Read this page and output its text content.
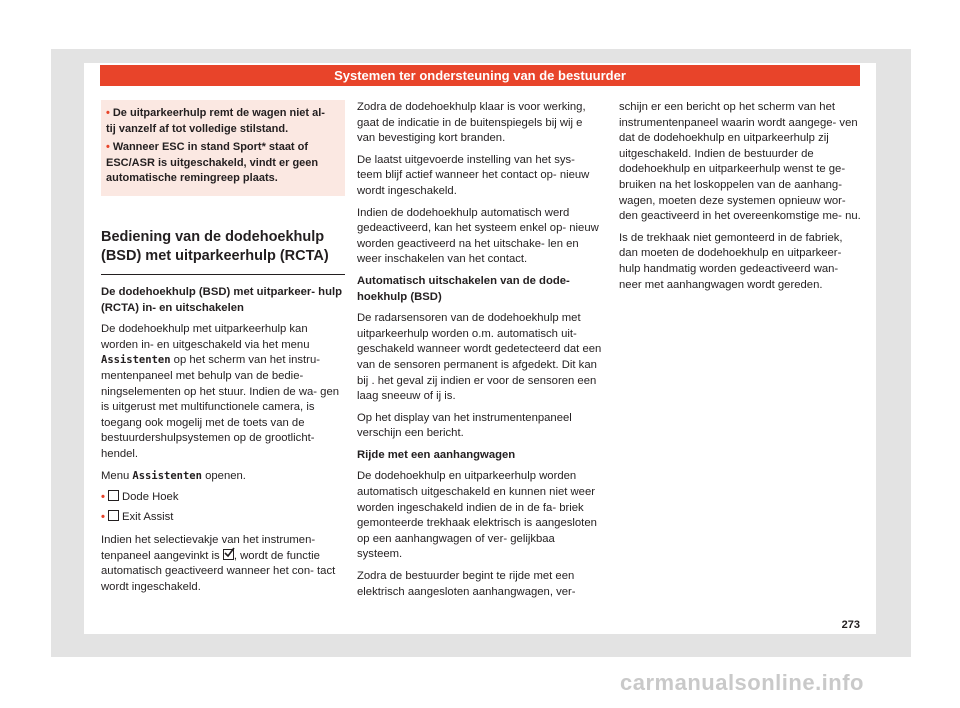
Systemen ter ondersteuning van de bestuurder
• De uitparkeerhulp remt de wagen niet al- tij vanzelf af tot volledige stilstand.
• Wanneer ESC in stand Sport* staat of ESC/ASR is uitgeschakeld, vindt er geen automatische remingreep plaats.
Bediening van de dodehoekhulp (BSD) met uitparkeerhulp (RCTA)

De dodehoekhulp (BSD) met uitparkeer- hulp (RCTA) in- en uitschakelen

De dodehoekhulp met uitparkeerhulp kan worden in- en uitgeschakeld via het menu Assistenten op het scherm van het instru- mentenpaneel met behulp van de bedie- ningselementen op het stuur. Indien de wa- gen is uitgerust met multifunctionele camera, is toegang ook mogelij met de toets van de bestuurdershulpsystemen op de grootlicht- hendel.

Menu Assistenten openen.

• Dode Hoek
• Exit Assist

Indien het selectievakje van het instrumen- tenpaneel aangevinkt is
, wordt de functie automatisch geactiveerd wanneer het con- tact wordt ingeschakeld.

Zodra de dodehoekhulp klaar is voor werking, gaat de indicatie in de buitenspiegels bij wij e van bevestiging kort branden.

De laatst uitgevoerde instelling van het sys- teem blijf actief wanneer het contact op- nieuw wordt ingeschakeld.

Indien de dodehoekhulp automatisch werd gedeactiveerd, kan het systeem enkel op- nieuw worden geactiveerd na het uitschake- len en weer inschakelen van het contact.

Automatisch uitschakelen van de dode- hoekhulp (BSD)

De radarsensoren van de dodehoekhulp met uitparkeerhulp worden o.m. automatisch uit- geschakeld wanneer wordt gedetecteerd dat een van de sensoren permanent is afgedekt. Dit kan bij . het geval zij indien er voor de sensoren een laag sneeuw of ij is.

Op het display van het instrumentenpaneel verschijn een bericht.

Rijde met een aanhangwagen

De dodehoekhulp en uitparkeerhulp worden automatisch uitgeschakeld en kunnen niet weer worden ingeschakeld indien de in de fa- briek gemonteerde trekhaak elektrisch is aangesloten op een aanhangwagen of ver- gelijkbaa systeem.

Zodra de bestuurder begint te rijde met een elektrisch aangesloten aanhangwagen, ver-

schijn er een bericht op het scherm van het instrumentenpaneel waarin wordt aangege- ven dat de dodehoekhulp en uitparkeerhulp zij uitgeschakeld. Indien de bestuurder de dodehoekhulp en uitparkeerhulp wenst te ge- bruiken na het loskoppelen van de aanhang- wagen, moeten deze systemen opnieuw wor- den geactiveerd in het overeenkomstige me- nu.

Is de trekhaak niet gemonteerd in de fabriek, dan moeten de dodehoekhulp en uitparkeer- hulp handmatig worden gedeactiveerd wan- neer met aanhangwagen wordt gereden.

273
carmanualsonline.info
